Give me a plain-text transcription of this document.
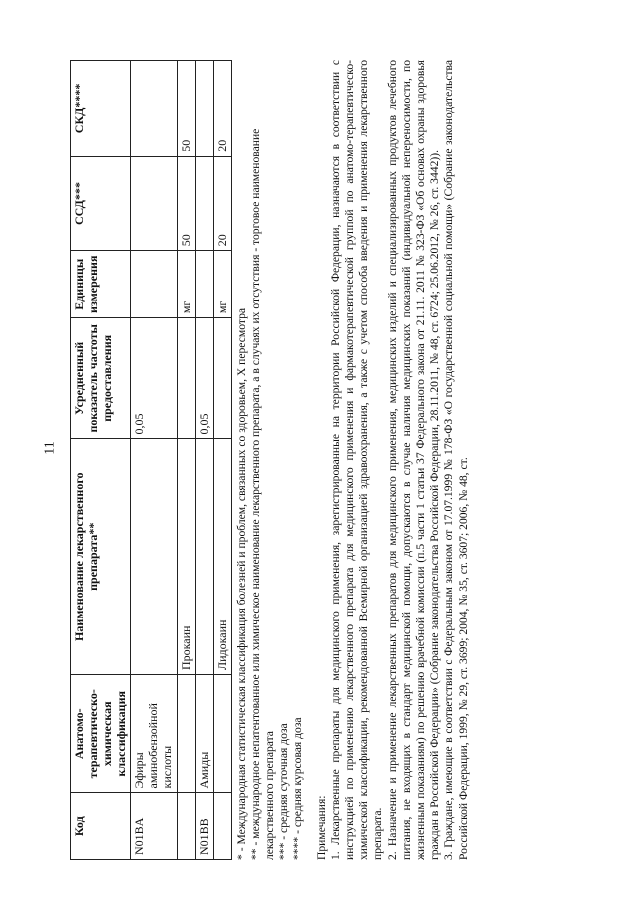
11
Код	Анатомо-терапевтическо-химическая классификация	Наименование лекарственного препарата**	Усредненный показатель частоты предоставления	Единицы измерения	ССД***	СКД****
N01BA	Эфиры аминобензойной кислоты		0,05			
		Прокаин		мг	50	50
N01BB	Амиды		0,05			
		Лидокаин		мг	20	20
* - Международная статистическая классификация болезней и проблем, связанных со здоровьем, X пересмотра ** - международное непатентованное или химическое наименование лекарственного препарата, а в случаях их отсутствия - торговое наименование лекарственного препарата *** - средняя суточная доза **** - средняя курсовая доза Примечания: 1. Лекарственные препараты для медицинского применения, зарегистрированные на территории Российской Федерации, назначаются в соответствии с инструкцией по применению лекарственного препарата для медицинского применения и фармакотерапевтической группой по анатомо-терапевтическо-химической классификации, рекомендованной Всемирной организацией здравоохранения, а также с учетом способа введения и применения лекарственного препарата. 2. Назначение и применение лекарственных препаратов для медицинского применения, медицинских изделий и специализированных продуктов лечебного питания, не входящих в стандарт медицинской помощи, допускаются в случае наличия медицинских показаний (индивидуальной непереносимости, по жизненным показаниям) по решению врачебной комиссии (п.5 части 1 статьи 37 Федерального закона от 21.11. 2011 № 323-ФЗ «Об основах охраны здоровья граждан в Российской Федерации» (Собрание законодательства Российской Федерации, 28.11.2011, № 48, ст. 6724; 25.06.2012, № 26, ст. 3442)). 3. Граждане, имеющие в соответствии с Федеральным законом от 17.07.1999 № 178-ФЗ «О государственной социальной помощи» (Собрание законодательства Российской Федерации, 1999, № 29, ст. 3699; 2004, № 35, ст. 3607; 2006, № 48, ст.
